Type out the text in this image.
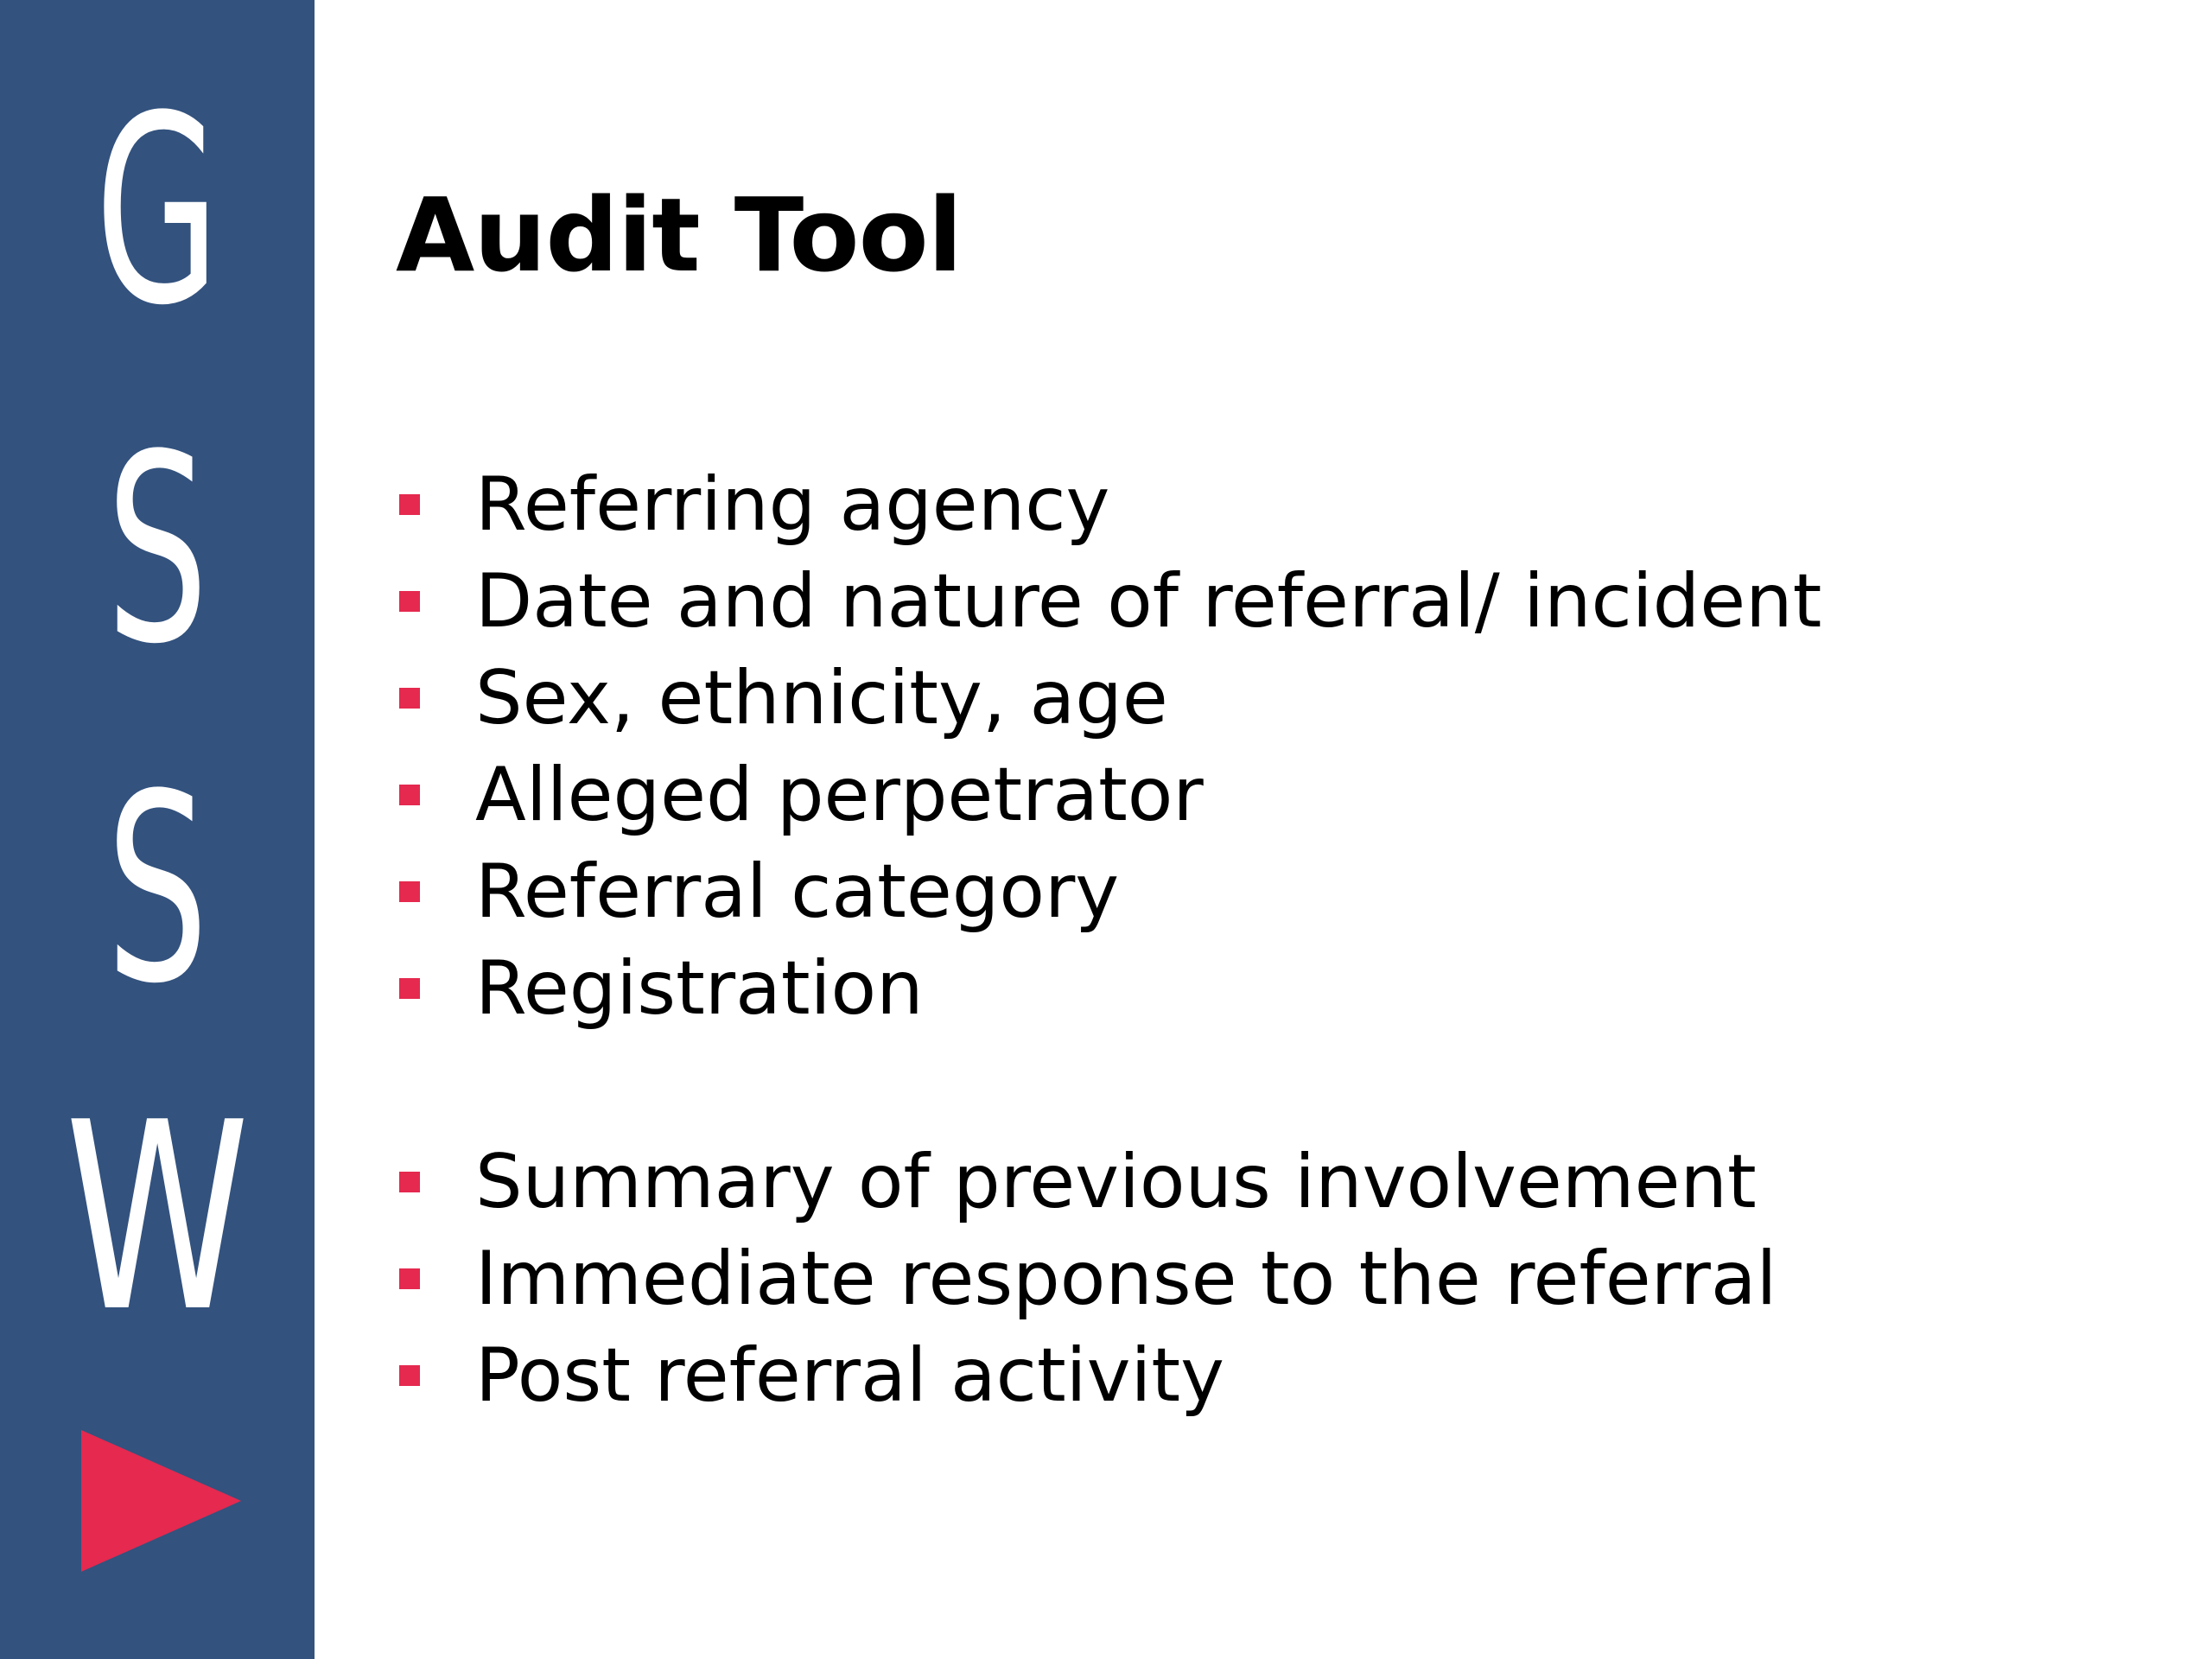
G
S
S
W
Audit Tool
Referring agency
Date and nature of referral/ incident
Sex, ethnicity, age
Alleged perpetrator
Referral category
Registration
Summary of previous involvement
Immediate response to the referral
Post referral activity
